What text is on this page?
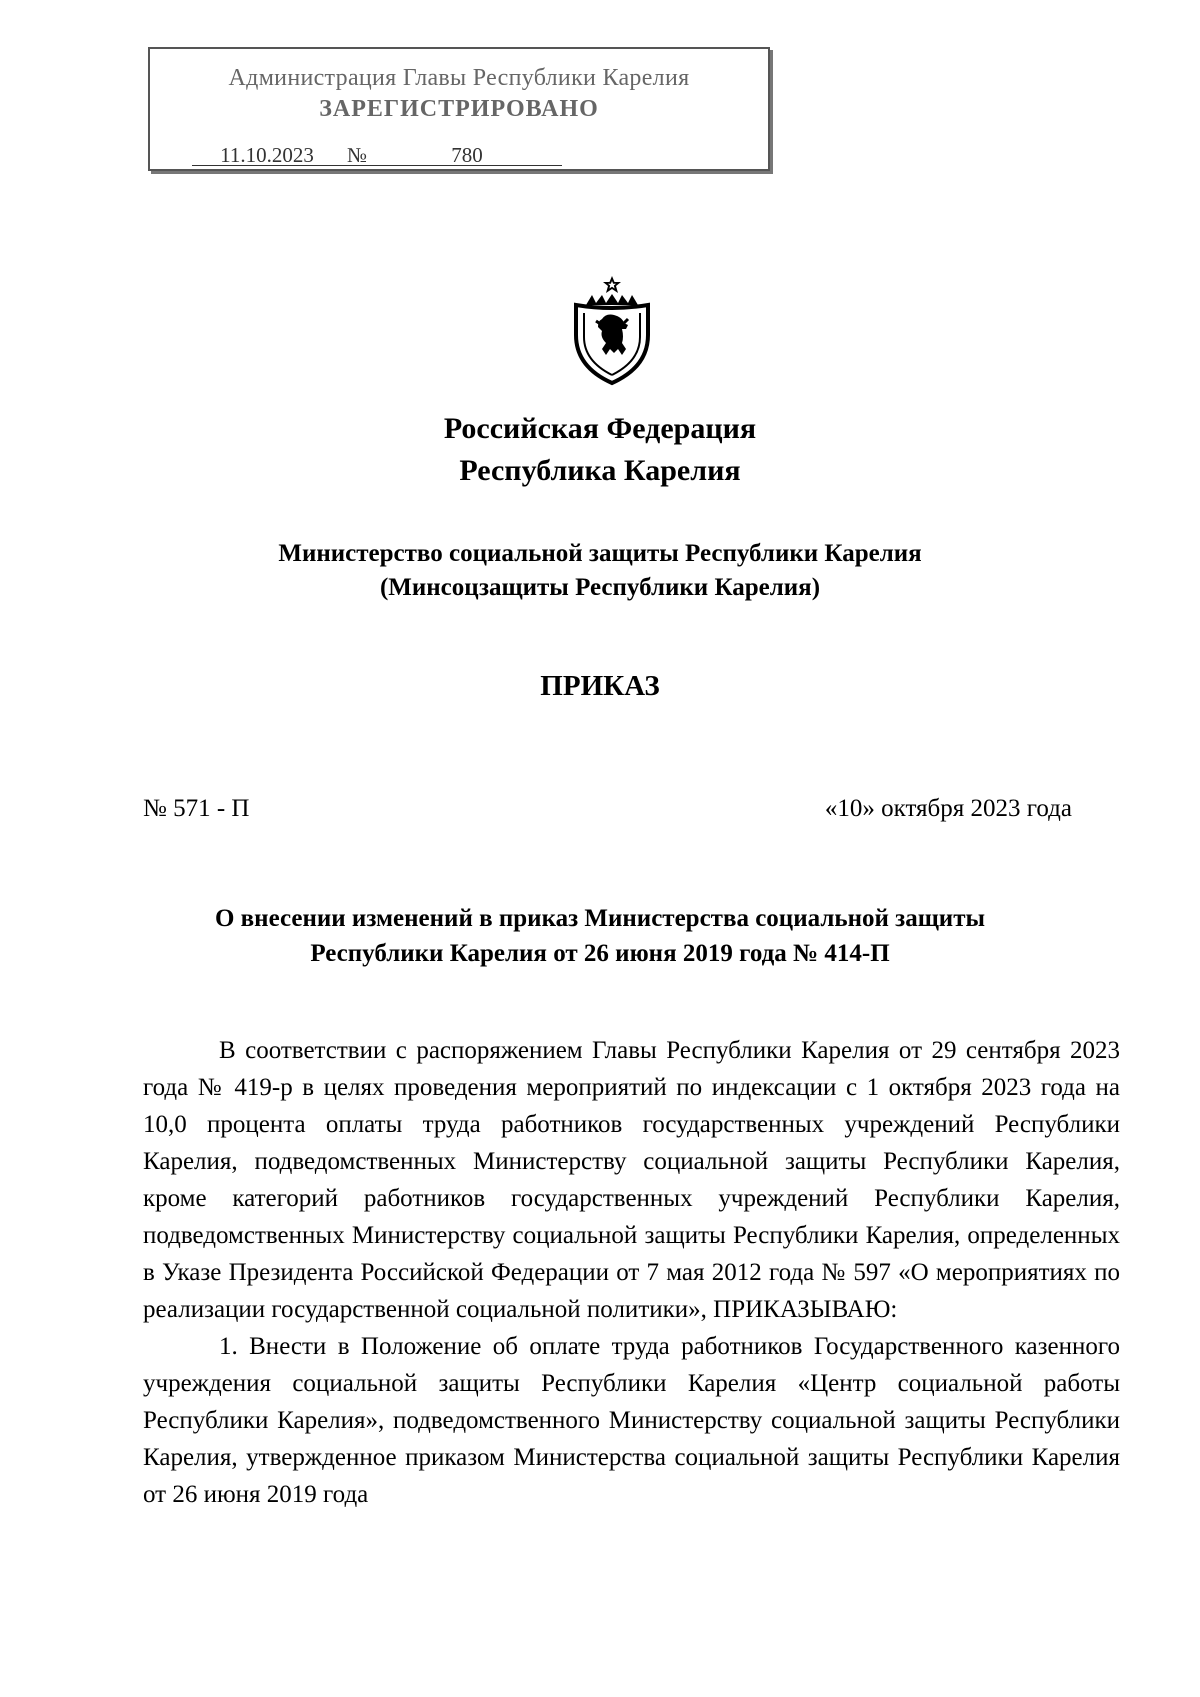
Администрация Главы Республики Карелия
ЗАРЕГИСТРИРОВАНО
11.10.2023 №	780
Российская Федерация
Республика Карелия
Министерство социальной защиты Республики Карелия
(Минсоцзащиты Республики Карелия)
ПРИКАЗ
№ 571 - П	«10» октября 2023 года
О внесении изменений в приказ Министерства социальной защиты
Республики Карелия от 26 июня 2019 года № 414-П

В соответствии с распоряжением Главы Республики Карелия от 29 сентября 2023 года № 419-р в целях проведения мероприятий по индексации с 1 октября 2023 года на 10,0 процента оплаты труда работников государственных учреждений Республики Карелия, подведомственных Министерству социальной защиты Республики Карелия, кроме категорий работников государственных учреждений Республики Карелия, подведомственных Министерству социальной защиты Республики Карелия, определенных в Указе Президента Российской Федерации от 7 мая 2012 года № 597 «О мероприятиях по реализации государственной социальной политики», ПРИКАЗЫВАЮ:

1. Внести в Положение об оплате труда работников Государственного казенного учреждения социальной защиты Республики Карелия «Центр социальной работы Республики Карелия», подведомственного Министерству социальной защиты Республики Карелия, утвержденное приказом Министерства социальной защиты Республики Карелия от 26 июня 2019 года
